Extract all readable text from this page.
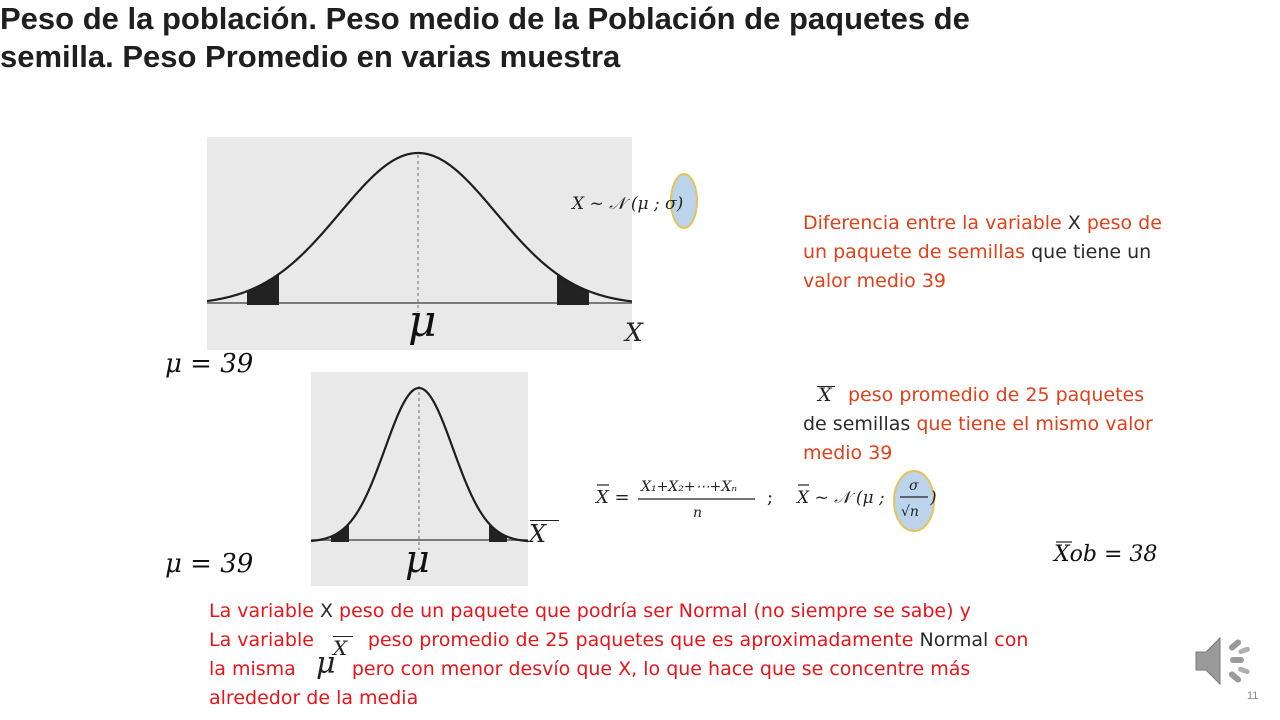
Peso de la población. Peso medio de la Población de paquetes de semilla. Peso Promedio en varias muestra
μ	X
μ
X
μ = 39
μ = 39
X ~ 𝒩 (μ ; σ)
X = X₁+X₂+⋯+Xₙ
n
; X ~ 𝒩 (μ ;
σ
√n
)
Xob = 38
Diferencia entre la variable X peso de
un paquete de semillas que tiene un
valor medio 39
X peso promedio de 25 paquetes
de semillas que tiene el mismo valor
medio 39
La variable X peso de un paquete que podría ser Normal (no siempre se sabe) y
La variable	peso promedio de 25 paquetes que es aproximadamente Normal con
X
la misma	pero con menor desvío que X, lo que hace que se concentre más
μ
alrededor de la media	11
